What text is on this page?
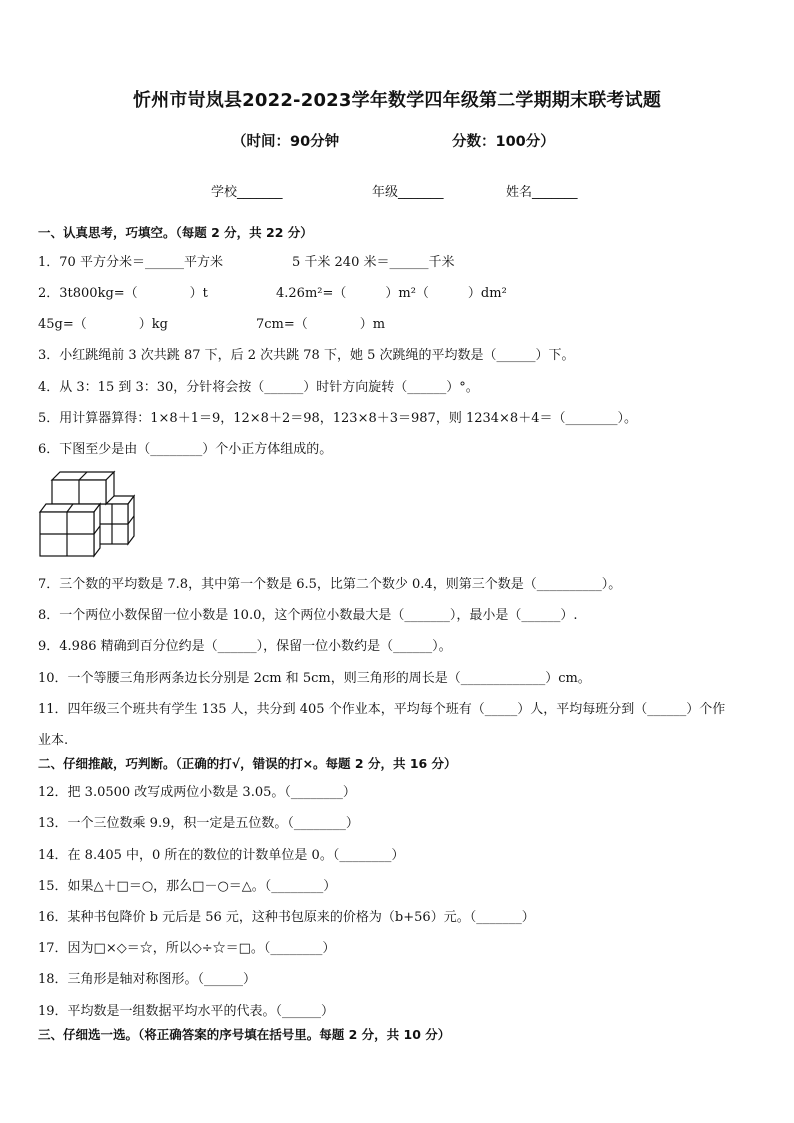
忻州市岢岚县2022-2023学年数学四年级第二学期期末联考试题
（时间：90分钟	分数：100分）
学校_______	年级_______	姓名_______
一、认真思考，巧填空。（每题 2 分，共 22 分）
1．70 平方分米＝______平方米	5 千米 240 米＝______千米
2．3t800kg=（　　　　）t	4.26m²=（　　　）m²（　　　）dm²
45g=（　　　　）kg	7cm=（　　　　）m
3．小红跳绳前 3 次共跳 87 下，后 2 次共跳 78 下，她 5 次跳绳的平均数是（______）下。
4．从 3：15 到 3：30，分针将会按（______）时针方向旋转（______）°。
5．用计算器算得：1×8＋1＝9，12×8＋2＝98，123×8＋3＝987，则 1234×8＋4＝（________）。
6．下图至少是由（________）个小正方体组成的。
7．三个数的平均数是 7.8，其中第一个数是 6.5，比第二个数少 0.4，则第三个数是（__________）。
8．一个两位小数保留一位小数是 10.0，这个两位小数最大是（_______），最小是（______）.
9．4.986 精确到百分位约是（______），保留一位小数约是（______）。
10．一个等腰三角形两条边长分别是 2cm 和 5cm，则三角形的周长是（_____________）cm。
11．四年级三个班共有学生 135 人，共分到 405 个作业本，平均每个班有（_____）人，平均每班分到（______）个作
业本.
二、仔细推敲，巧判断。（正确的打√，错误的打×。每题 2 分，共 16 分）
12．把 3.0500 改写成两位小数是 3.05。（________）
13．一个三位数乘 9.9，积一定是五位数。（________）
14．在 8.405 中，0 所在的数位的计数单位是 0。（________）
15．如果△＋□＝○，那么□－○＝△。（________）
16．某种书包降价 b 元后是 56 元，这种书包原来的价格为（b+56）元。（_______）
17．因为□×◇＝☆，所以◇÷☆＝□。（________）
18．三角形是轴对称图形。（______）
19．平均数是一组数据平均水平的代表。（______）
三、仔细选一选。（将正确答案的序号填在括号里。每题 2 分，共 10 分）
